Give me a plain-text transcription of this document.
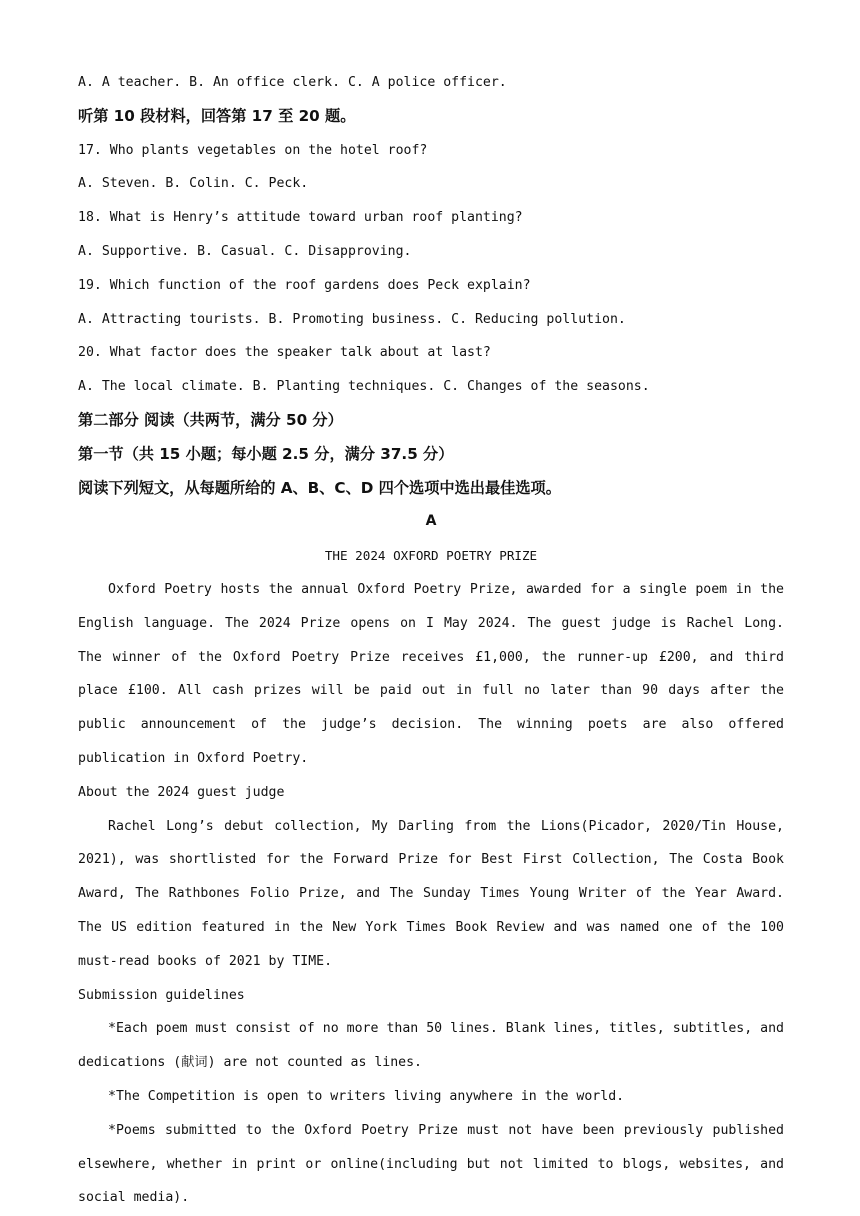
A. A teacher. B. An office clerk. C. A police officer.
听第 10 段材料，回答第 17 至 20 题。
17. Who plants vegetables on the hotel roof?
A. Steven. B. Colin. C. Peck.
18. What is Henry’s attitude toward urban roof planting?
A. Supportive. B. Casual. C. Disapproving.
19. Which function of the roof gardens does Peck explain?
A. Attracting tourists. B. Promoting business. C. Reducing pollution.
20. What factor does the speaker talk about at last?
A. The local climate. B. Planting techniques. C. Changes of the seasons.
第二部分 阅读（共两节，满分 50 分）
第一节（共 15 小题；每小题 2.5 分，满分 37.5 分）
阅读下列短文，从每题所给的 A、B、C、D 四个选项中选出最佳选项。
A
THE 2024 OXFORD POETRY PRIZE
Oxford Poetry hosts the annual Oxford Poetry Prize, awarded for a single poem in the English language. The 2024 Prize opens on I May 2024. The guest judge is Rachel Long. The winner of the Oxford Poetry Prize receives £1,000, the runner-up £200, and third place £100. All cash prizes will be paid out in full no later than 90 days after the public announcement of the judge’s decision. The winning poets are also offered publication in Oxford Poetry.
About the 2024 guest judge
Rachel Long’s debut collection, My Darling from the Lions(Picador, 2020/Tin House, 2021), was shortlisted for the Forward Prize for Best First Collection, The Costa Book Award, The Rathbones Folio Prize, and The Sunday Times Young Writer of the Year Award. The US edition featured in the New York Times Book Review and was named one of the 100 must-read books of 2021 by TIME.
Submission guidelines
*Each poem must consist of no more than 50 lines. Blank lines, titles, subtitles, and dedications (献词) are not counted as lines.
*The Competition is open to writers living anywhere in the world.
*Poems submitted to the Oxford Poetry Prize must not have been previously published elsewhere, whether in print or online(including but not limited to blogs, websites, and social media).
